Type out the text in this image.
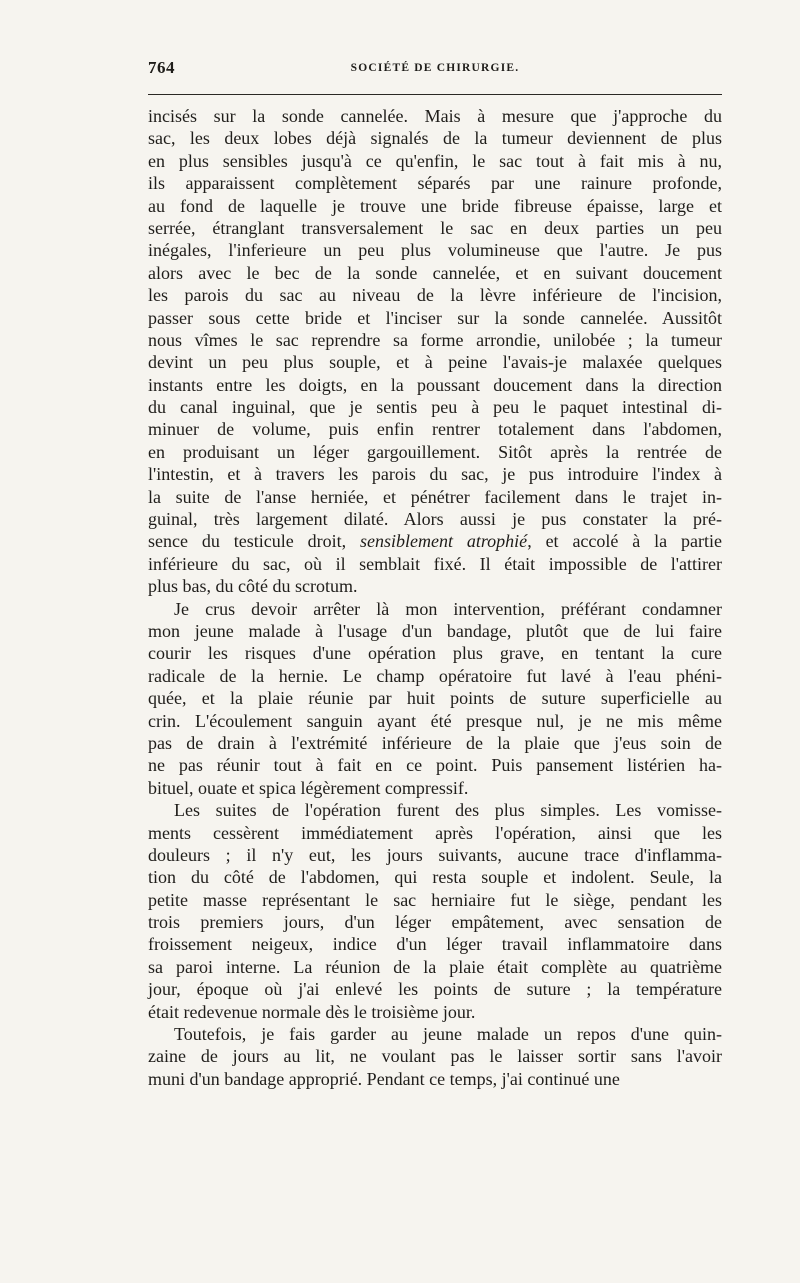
764	SOCIÉTÉ DE CHIRURGIE.
incisés sur la sonde cannelée. Mais à mesure que j'approche du
sac, les deux lobes déjà signalés de la tumeur deviennent de plus
en plus sensibles jusqu'à ce qu'enfin, le sac tout à fait mis à nu,
ils apparaissent complètement séparés par une rainure profonde,
au fond de laquelle je trouve une bride fibreuse épaisse, large et
serrée, étranglant transversalement le sac en deux parties un peu
inégales, l'inferieure un peu plus volumineuse que l'autre. Je pus
alors avec le bec de la sonde cannelée, et en suivant doucement
les parois du sac au niveau de la lèvre inférieure de l'incision,
passer sous cette bride et l'inciser sur la sonde cannelée. Aussitôt
nous vîmes le sac reprendre sa forme arrondie, unilobée ; la tumeur
devint un peu plus souple, et à peine l'avais-je malaxée quelques
instants entre les doigts, en la poussant doucement dans la direction
du canal inguinal, que je sentis peu à peu le paquet intestinal di-
minuer de volume, puis enfin rentrer totalement dans l'abdomen,
en produisant un léger gargouillement. Sitôt après la rentrée de
l'intestin, et à travers les parois du sac, je pus introduire l'index à
la suite de l'anse herniée, et pénétrer facilement dans le trajet in-
guinal, très largement dilaté. Alors aussi je pus constater la pré-
sence du testicule droit, sensiblement atrophié, et accolé à la partie
inférieure du sac, où il semblait fixé. Il était impossible de l'attirer
plus bas, du côté du scrotum.
Je crus devoir arrêter là mon intervention, préférant condamner
mon jeune malade à l'usage d'un bandage, plutôt que de lui faire
courir les risques d'une opération plus grave, en tentant la cure
radicale de la hernie. Le champ opératoire fut lavé à l'eau phéni-
quée, et la plaie réunie par huit points de suture superficielle au
crin. L'écoulement sanguin ayant été presque nul, je ne mis même
pas de drain à l'extrémité inférieure de la plaie que j'eus soin de
ne pas réunir tout à fait en ce point. Puis pansement listérien ha-
bituel, ouate et spica légèrement compressif.
Les suites de l'opération furent des plus simples. Les vomisse-
ments cessèrent immédiatement après l'opération, ainsi que les
douleurs ; il n'y eut, les jours suivants, aucune trace d'inflamma-
tion du côté de l'abdomen, qui resta souple et indolent. Seule, la
petite masse représentant le sac herniaire fut le siège, pendant les
trois premiers jours, d'un léger empâtement, avec sensation de
froissement neigeux, indice d'un léger travail inflammatoire dans
sa paroi interne. La réunion de la plaie était complète au quatrième
jour, époque où j'ai enlevé les points de suture ; la température
était redevenue normale dès le troisième jour.
Toutefois, je fais garder au jeune malade un repos d'une quin-
zaine de jours au lit, ne voulant pas le laisser sortir sans l'avoir
muni d'un bandage approprié. Pendant ce temps, j'ai continué une
